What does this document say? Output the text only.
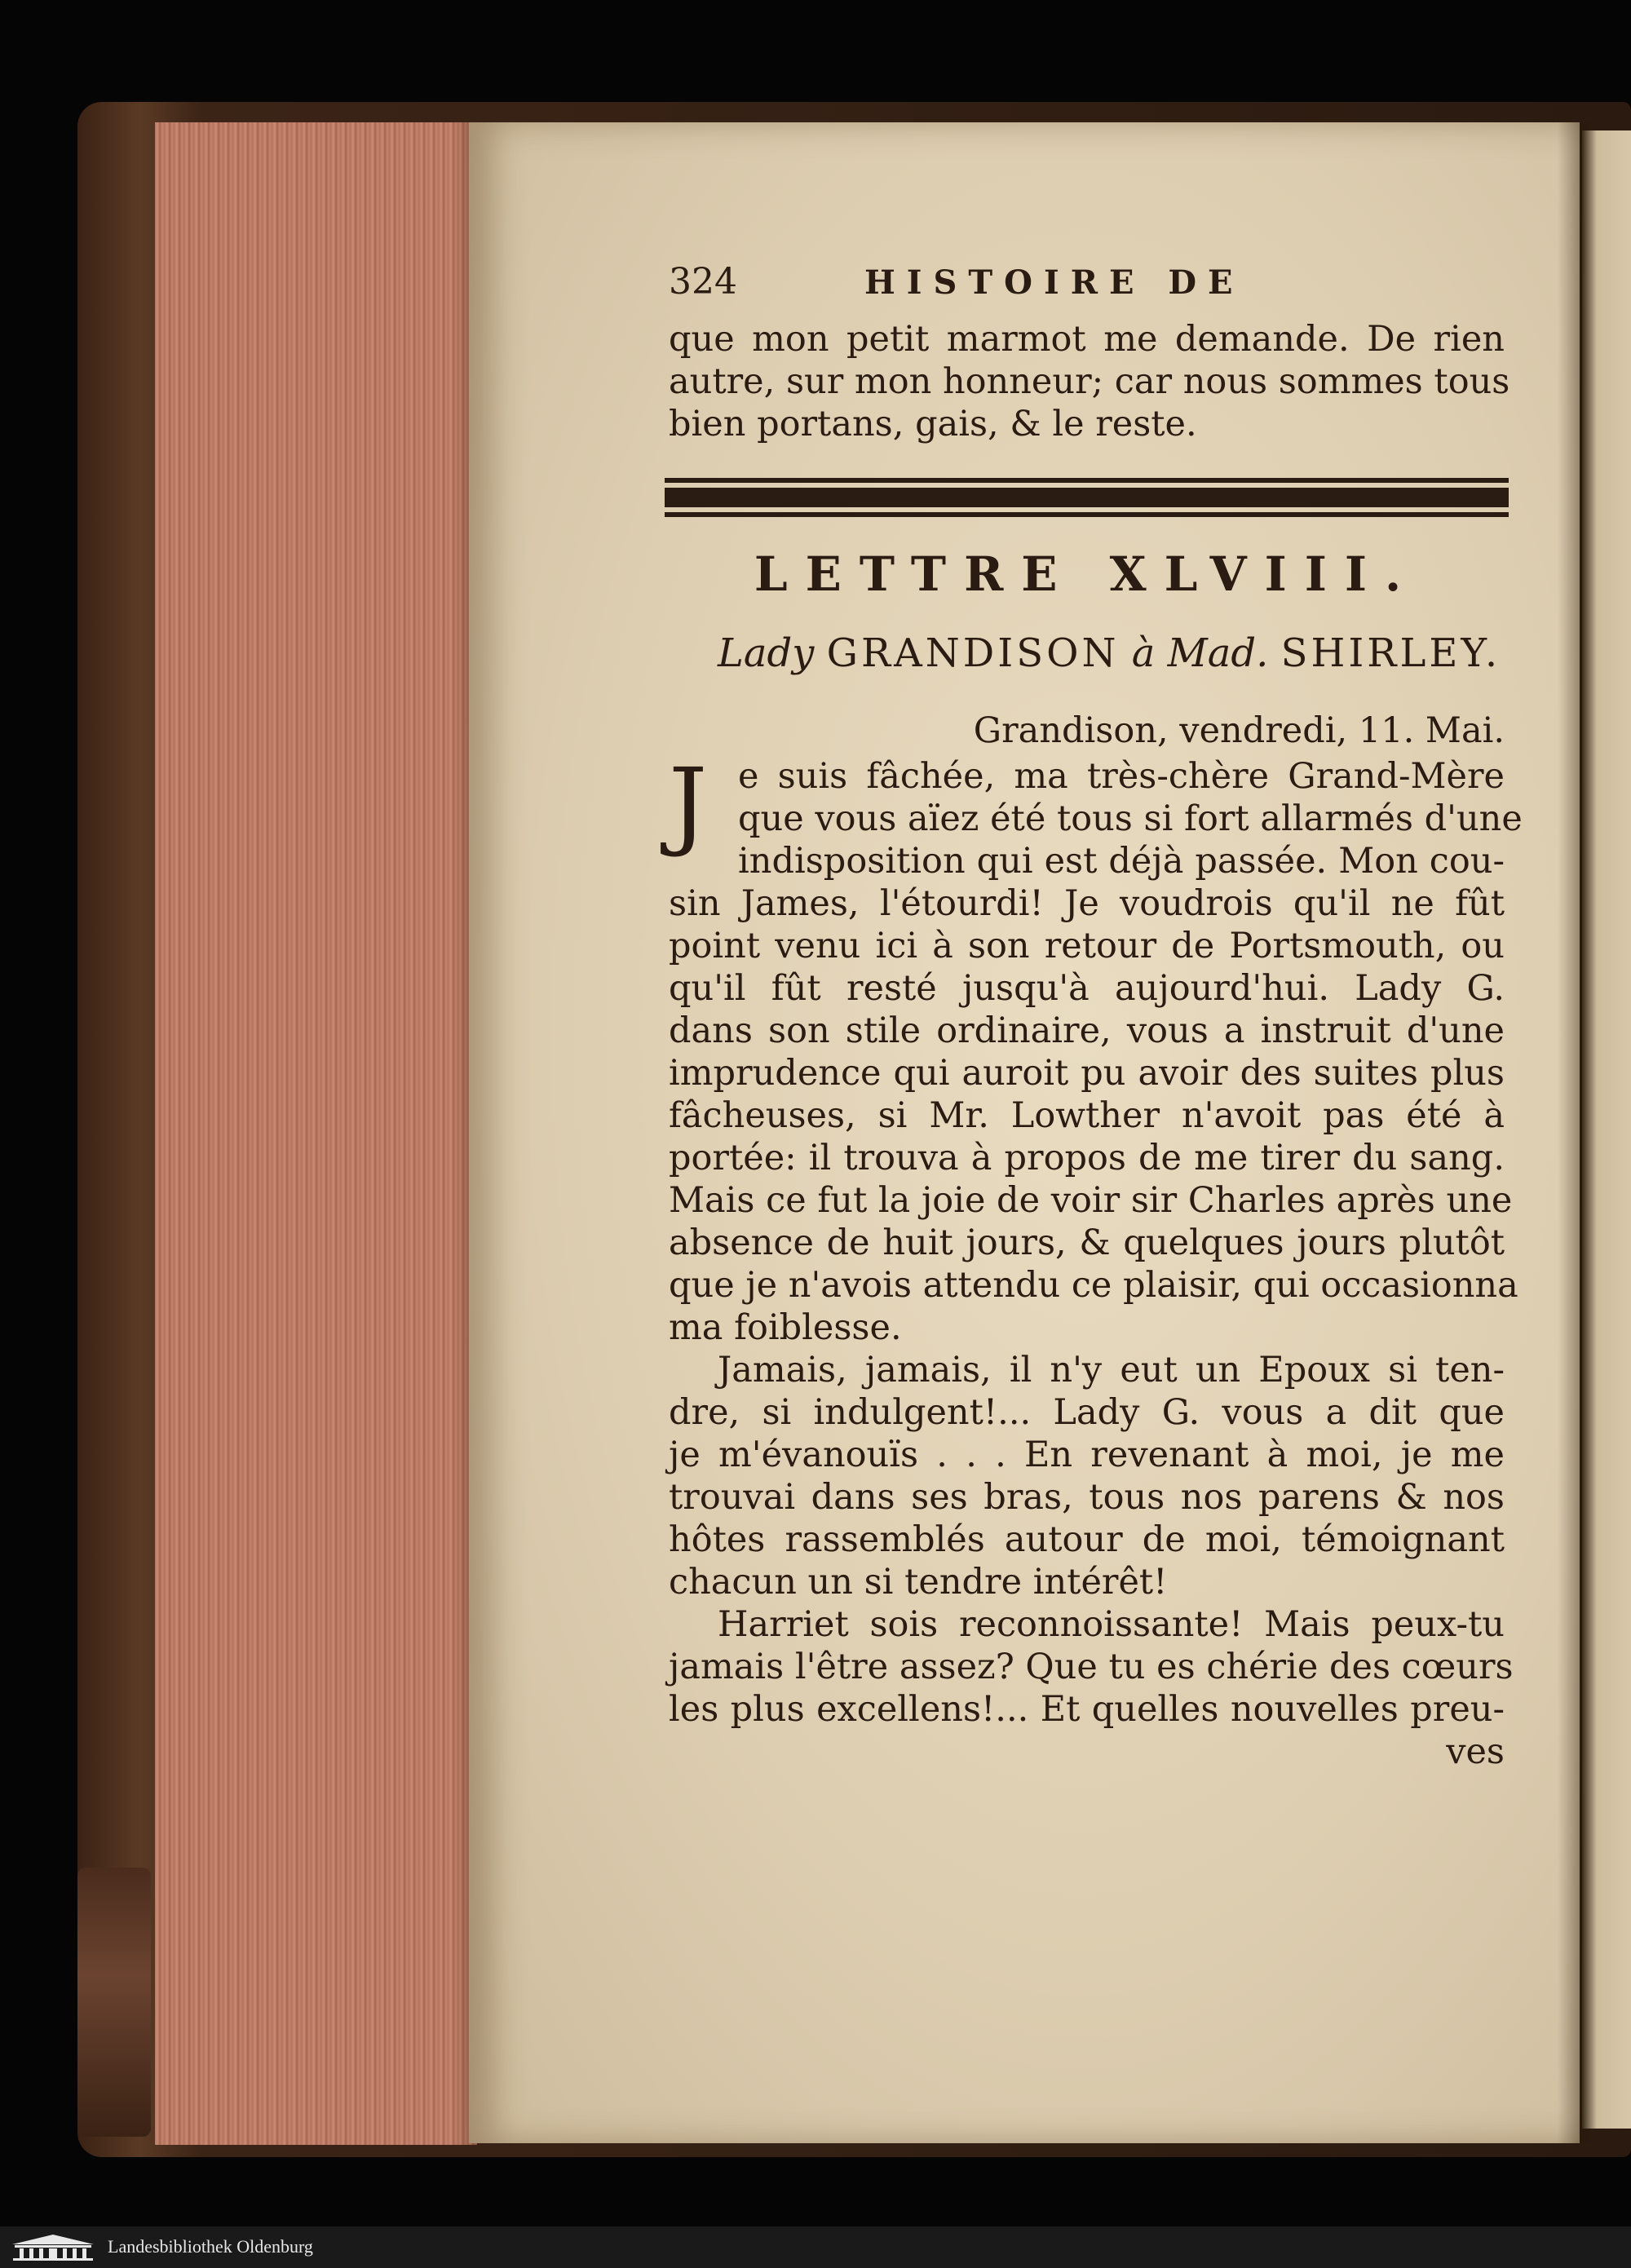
324	HISTOIRE DE
que mon petit marmot me demande. De rien
autre, sur mon honneur; car nous sommes tous
bien portans, gais, & le reste.
LETTRE XLVIII.
Lady GRANDISON à Mad. SHIRLEY.
Grandison, vendredi, 11. Mai.
J e suis fâchée, ma très-chère Grand-Mère
que vous aïez été tous si fort allarmés d'une
indisposition qui est déjà passée. Mon cou-
sin James, l'étourdi! Je voudrois qu'il ne fût
point venu ici à son retour de Portsmouth, ou
qu'il fût resté jusqu'à aujourd'hui. Lady G.
dans son stile ordinaire, vous a instruit d'une
imprudence qui auroit pu avoir des suites plus
fâcheuses, si Mr. Lowther n'avoit pas été à
portée: il trouva à propos de me tirer du sang.
Mais ce fut la joie de voir sir Charles après une
absence de huit jours, & quelques jours plutôt
que je n'avois attendu ce plaisir, qui occasionna
ma foiblesse.
Jamais, jamais, il n'y eut un Epoux si ten-
dre, si indulgent!... Lady G. vous a dit que
je m'évanouïs . . . En revenant à moi, je me
trouvai dans ses bras, tous nos parens & nos
hôtes rassemblés autour de moi, témoignant
chacun un si tendre intérêt!
Harriet sois reconnoissante! Mais peux-tu
jamais l'être assez? Que tu es chérie des cœurs
les plus excellens!... Et quelles nouvelles preu-
ves
Landesbibliothek Oldenburg
